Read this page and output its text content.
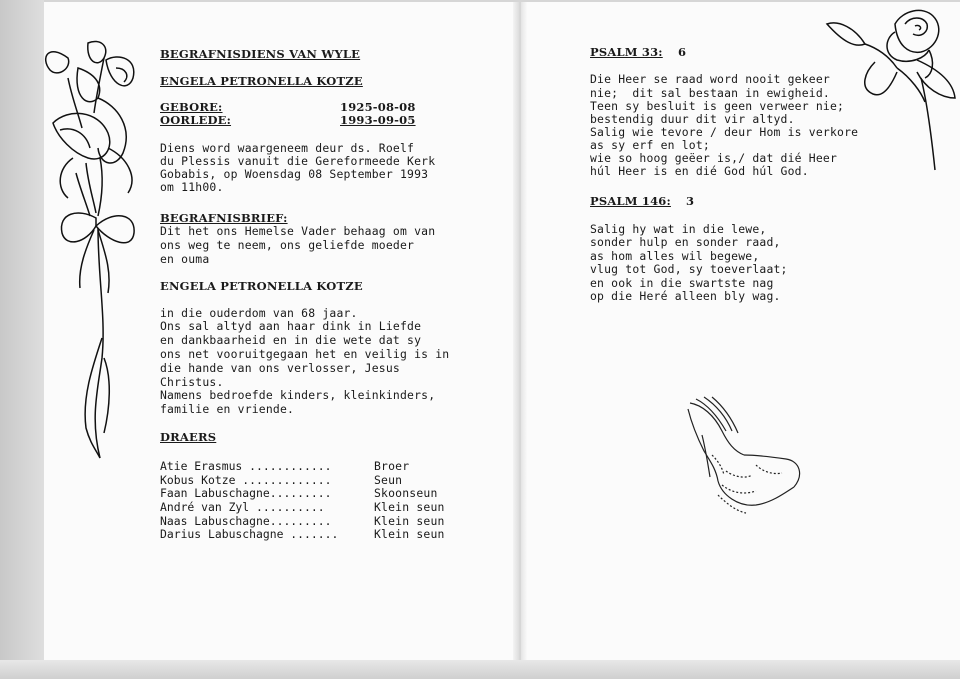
BEGRAFNISDIENS VAN WYLE
ENGELA PETRONELLA KOTZE
GEBORE:	1925-08-08
OORLEDE:	1993-09-05
Diens word waargeneem deur ds. Roelf
du Plessis vanuit die Gereformeede Kerk
Gobabis, op Woensdag 08 September 1993
om 11h00.
BEGRAFNISBRIEF:
Dit het ons Hemelse Vader behaag om van
ons weg te neem, ons geliefde moeder
en ouma
ENGELA PETRONELLA KOTZE
in die ouderdom van 68 jaar.
Ons sal altyd aan haar dink in Liefde
en dankbaarheid en in die wete dat sy
ons net vooruitgegaan het en veilig is in
die hande van ons verlosser, Jesus
Christus.
Namens bedroefde kinders, kleinkinders,
familie en vriende.
DRAERS
Atie Erasmus ............	Broer
Kobus Kotze .............	Seun
Faan Labuschagne.........	Skoonseun
André van Zyl ..........	Klein seun
Naas Labuschagne.........	Klein seun
Darius Labuschagne .......	Klein seun
PSALM 33: 6
Die Heer se raad word nooit gekeer
nie;  dit sal bestaan in ewigheid.
Teen sy besluit is geen verweer nie;
bestendig duur dit vir altyd.
Salig wie tevore / deur Hom is verkore
as sy erf en lot;
wie so hoog geëer is,/ dat dié Heer
húl Heer is en dié God húl God.
PSALM 146: 3
Salig hy wat in die lewe,
sonder hulp en sonder raad,
as hom alles wil begewe,
vlug tot God, sy toeverlaat;
en ook in die swartste nag
op die Heré alleen bly wag.
